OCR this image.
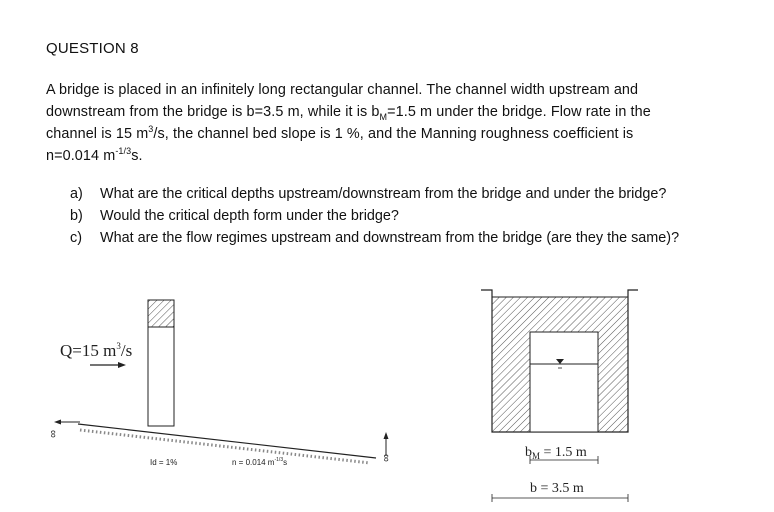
QUESTION 8
A bridge is placed in an infinitely long rectangular channel. The channel width upstream and
downstream from the bridge is b=3.5 m, while it is $b_M=1.5$ m under the bridge. Flow rate in the
channel is 15 $m^3/s$, the channel bed slope is 1 %, and the Manning roughness coefficient is
n=0.014 $m^{-1/3}s$.
a)	What are the critical depths upstream/downstream from the bridge and under the bridge?
b)	Would the critical depth form under the bridge?
c)	What are the flow regimes upstream and downstream from the bridge (are they the same)?
Q=15 $m^3/s$
Id = 1%	n = 0.014 $m^{-1/3}s$
∞
∞	$b_M = 1.5$ m
b = 3.5 m
